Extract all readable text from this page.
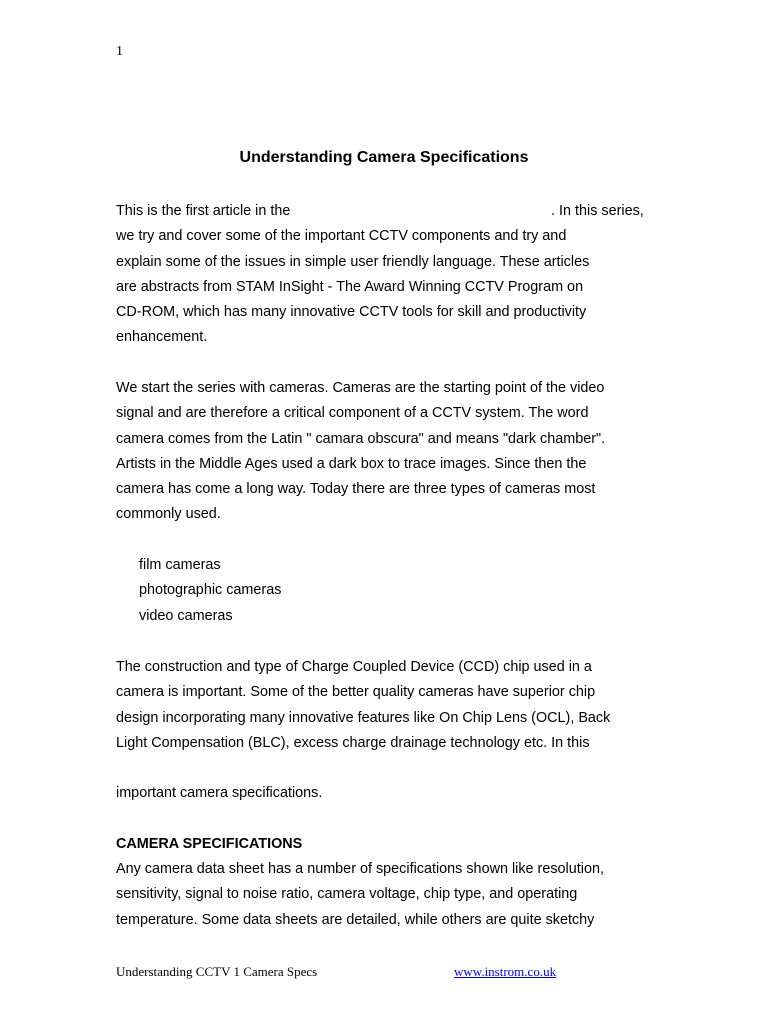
1
Understanding Camera Specifications
This is the first article in the	. In this series,
we try and cover some of the important CCTV components and try and
explain some of the issues in simple user friendly language. These articles
are abstracts from STAM InSight - The Award Winning CCTV Program on
CD-ROM, which has many innovative CCTV tools for skill and productivity
enhancement.
We start the series with cameras. Cameras are the starting point of the video
signal and are therefore a critical component of a CCTV system. The word
camera comes from the Latin " camara obscura" and means "dark chamber".
Artists in the Middle Ages used a dark box to trace images. Since then the
camera has come a long way. Today there are three types of cameras most
commonly used.
film cameras
photographic cameras
video cameras
The construction and type of Charge Coupled Device (CCD) chip used in a
camera is important. Some of the better quality cameras have superior chip
design incorporating many innovative features like On Chip Lens (OCL), Back
Light Compensation (BLC), excess charge drainage technology etc. In this
important camera specifications.
CAMERA SPECIFICATIONS
Any camera data sheet has a number of specifications shown like resolution,
sensitivity, signal to noise ratio, camera voltage, chip type, and operating
temperature. Some data sheets are detailed, while others are quite sketchy
Understanding CCTV 1 Camera Specs	www.instrom.co.uk
